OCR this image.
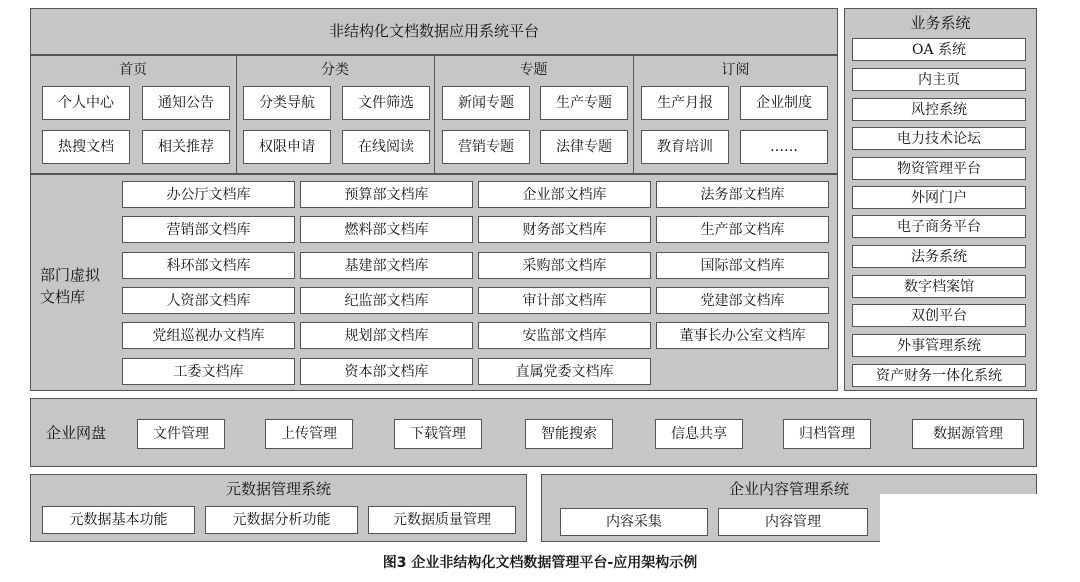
非结构化文档数据应用系统平台
首页	分类	专题	订阅
个人中心	通知公告
热搜文档	相关推荐
分类导航	文件筛选
权限申请	在线阅读
新闻专题	生产专题
营销专题	法律专题
生产月报	企业制度
教育培训	……
部门虚拟
文档库
办公厅文档库	预算部文档库	企业部文档库	法务部文档库
营销部文档库	燃料部文档库	财务部文档库	生产部文档库
科环部文档库	基建部文档库	采购部文档库	国际部文档库
人资部文档库	纪监部文档库	审计部文档库	党建部文档库
党组巡视办文档库	规划部文档库	安监部文档库	董事长办公室文档库
工委文档库	资本部文档库	直属党委文档库
业务系统
OA 系统
内主页
风控系统
电力技术论坛
物资管理平台
外网门户
电子商务平台
法务系统
数字档案馆
双创平台
外事管理系统
资产财务一体化系统
企业网盘	文件管理	上传管理	下载管理	智能搜索	信息共享	归档管理	数据源管理
元数据管理系统
元数据基本功能	元数据分析功能	元数据质量管理
企业内容管理系统
内容采集	内容管理
图3 企业非结构化文档数据管理平台-应用架构示例
